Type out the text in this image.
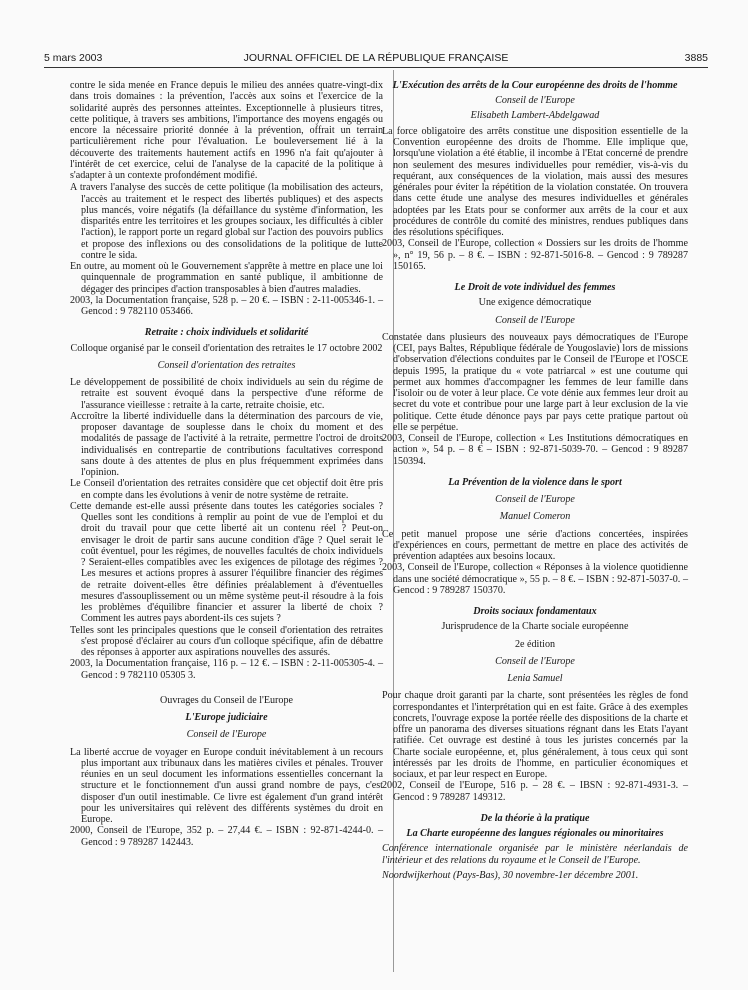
5 mars 2003	JOURNAL OFFICIEL DE LA RÉPUBLIQUE FRANÇAISE	3885

contre le sida menée en France depuis le milieu des années quatre-vingt-dix dans trois domaines : la prévention, l'accès aux soins et l'exercice de la solidarité auprès des personnes atteintes. Exceptionnelle à plusieurs titres, cette politique, à travers ses ambitions, l'importance des moyens engagés ou encore la nécessaire priorité donnée à la prévention, offrait un terrain particulièrement riche pour l'évaluation. Le bouleversement lié à la découverte des traitements hautement actifs en 1996 n'a fait qu'ajouter à l'intérêt de cet exercice, celui de l'analyse de la capacité de la politique à s'adapter à un contexte profondément modifié.

A travers l'analyse des succès de cette politique (la mobilisation des acteurs, l'accès au traitement et le respect des libertés publiques) et des aspects plus mancés, voire négatifs (la défaillance du système d'information, les disparités entre les territoires et les groupes sociaux, les difficultés à cibler l'action), le rapport porte un regard global sur l'action des pouvoirs publics et propose des inflexions ou des consolidations de la politique de lutte contre le sida.

En outre, au moment où le Gouvernement s'apprête à mettre en place une loi quinquennale de programmation en santé publique, il ambitionne de dégager des principes d'action transposables à bien d'autres maladies.

2003, la Documentation française, 528 p. – 20 €. – ISBN : 2-11-005346-1. – Gencod : 9 782110 053466.

Retraite : choix individuels et solidarité
Colloque organisé par le conseil d'orientation des retraites le 17 octobre 2002
Conseil d'orientation des retraites

Le développement de possibilité de choix individuels au sein du régime de retraite est souvent évoqué dans la perspective d'une réforme de l'assurance vieillesse : retraite à la carte, retraite choisie, etc.

Accroître la liberté individuelle dans la détermination des parcours de vie, proposer davantage de souplesse dans le choix du moment et des modalités de passage de l'activité à la retraite, permettre l'octroi de droits individualisés en contrepartie de contributions facultatives correspond sans doute à des attentes de plus en plus fréquemment exprimées dans l'opinion.

Le Conseil d'orientation des retraites considère que cet objectif doit être pris en compte dans les évolutions à venir de notre système de retraite.

Cette demande est-elle aussi présente dans toutes les catégories sociales ? Quelles sont les conditions à remplir au point de vue de l'emploi et du droit du travail pour que cette liberté ait un contenu réel ? Peut-on envisager le droit de partir sans aucune condition d'âge ? Quel serait le coût éventuel, pour les régimes, de nouvelles facultés de choix individuels ? Seraient-elles compatibles avec les exigences de pilotage des régimes ? Les mesures et actions propres à assurer l'équilibre financier des régimes de retraite doivent-elles être définies préalablement à d'éventuelles mesures d'assouplissement ou un même système peut-il résoudre à la fois les problèmes d'équilibre financier et assurer la liberté de choix ? Comment les autres pays abordent-ils ces sujets ?

Telles sont les principales questions que le conseil d'orientation des retraites s'est proposé d'éclairer au cours d'un colloque spécifique, afin de débattre des réponses à apporter aux aspirations nouvelles des assurés.

2003, la Documentation française, 116 p. – 12 €. – ISBN : 2-11-005305-4. – Gencod : 9 782110 05305 3.

Ouvrages du Conseil de l'Europe
L'Europe judiciaire
Conseil de l'Europe

La liberté accrue de voyager en Europe conduit inévitablement à un recours plus important aux tribunaux dans les matières civiles et pénales. Trouver réunies en un seul document les informations essentielles concernant la structure et le fonctionnement d'un aussi grand nombre de pays, c'est disposer d'un outil inestimable. Ce livre est également d'un grand intérêt pour les universitaires qui relèvent des différents systèmes du droit en Europe.

2000, Conseil de l'Europe, 352 p. – 27,44 €. – ISBN : 92-871-4244-0. – Gencod : 9 789287 142443.

L'Exécution des arrêts de la Cour européenne des droits de l'homme
Conseil de l'Europe
Elisabeth Lambert-Abdelgawad

La force obligatoire des arrêts constitue une disposition essentielle de la Convention européenne des droits de l'homme. Elle implique que, lorsqu'une violation a été établie, il incombe à l'Etat concerné de prendre non seulement des mesures individuelles pour remédier, vis-à-vis du requérant, aux conséquences de la violation, mais aussi des mesures générales pour éviter la répétition de la violation constatée. On trouvera dans cette étude une analyse des mesures individuelles et générales adoptées par les Etats pour se conformer aux arrêts de la cour et aux procédures de contrôle du comité des ministres, rendues publiques dans des résolutions spécifiques.

2003, Conseil de l'Europe, collection « Dossiers sur les droits de l'homme », n° 19, 56 p. – 8 €. – ISBN : 92-871-5016-8. – Gencod : 9 789287 150165.

Le Droit de vote individuel des femmes
Une exigence démocratique
Conseil de l'Europe

Constatée dans plusieurs des nouveaux pays démocratiques de l'Europe (CEI, pays Baltes, République fédérale de Yougoslavie) lors de missions d'observation d'élections conduites par le Conseil de l'Europe et l'OSCE depuis 1995, la pratique du « vote patriarcal » est une coutume qui permet aux hommes d'accompagner les femmes de leur famille dans l'isoloir ou de voter à leur place. Ce vote dénie aux femmes leur droit au secret du vote et contribue pour une large part à leur exclusion de la vie politique. Cette étude dénonce pays par pays cette pratique partout où elle se perpétue.

2003, Conseil de l'Europe, collection « Les Institutions démocratiques en action », 54 p. – 8 € – ISBN : 92-871-5039-70. – Gencod : 9 89287 150394.

La Prévention de la violence dans le sport
Conseil de l'Europe
Manuel Comeron

Ce petit manuel propose une série d'actions concertées, inspirées d'expériences en cours, permettant de mettre en place des activités de prévention adaptées aux besoins locaux.

2003, Conseil de l'Europe, collection « Réponses à la violence quotidienne dans une société démocratique », 55 p. – 8 €. – ISBN : 92-871-5037-0. – Gencod : 9 789287 150370.

Droits sociaux fondamentaux
Jurisprudence de la Charte sociale européenne
2e édition
Conseil de l'Europe
Lenia Samuel

Pour chaque droit garanti par la charte, sont présentées les règles de fond correspondantes et l'interprétation qui en est faite. Grâce à des exemples concrets, l'ouvrage expose la portée réelle des dispositions de la charte et offre un panorama des diverses situations régnant dans les Etats l'ayant ratifiée. Cet ouvrage est destiné à tous les juristes concernés par la Charte sociale européenne, et, plus généralement, à tous ceux qui sont intéressés par les droits de l'homme, en particulier économiques et sociaux, et par leur respect en Europe.

2002, Conseil de l'Europe, 516 p. – 28 €. – IBSN : 92-871-4931-3. – Gencod : 9 789287 149312.

De la théorie à la pratique
La Charte européenne des langues régionales ou minoritaires

Conférence internationale organisée par le ministère néerlandais de l'intérieur et des relations du royaume et le Conseil de l'Europe.

Noordwijkerhout (Pays-Bas), 30 novembre-1er décembre 2001.
